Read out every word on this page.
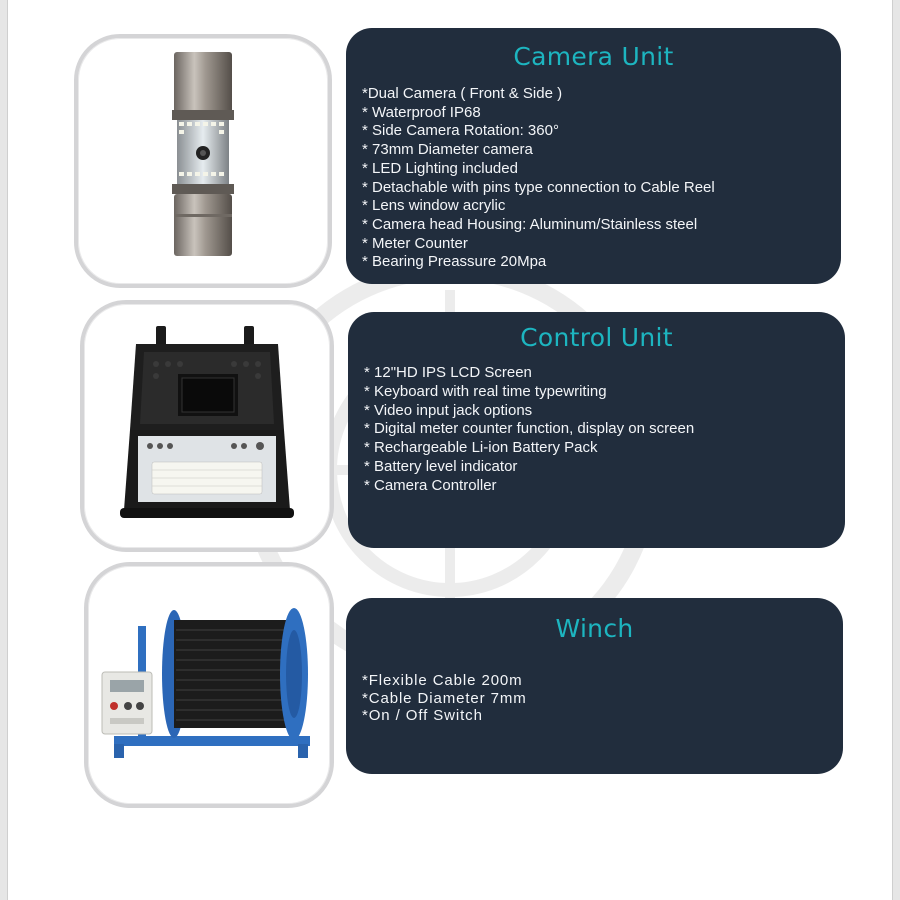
Camera Unit
*Dual Camera ( Front & Side )
* Waterproof IP68
* Side Camera Rotation: 360°
* 73mm Diameter camera
* LED Lighting included
* Detachable with pins type connection to Cable Reel
* Lens window acrylic
* Camera head Housing: Aluminum/Stainless steel
* Meter Counter
* Bearing Preassure 20Mpa
Control Unit
* 12"HD IPS LCD Screen
* Keyboard with real time typewriting
* Video input jack options
* Digital meter counter function, display on screen
* Rechargeable Li-ion Battery Pack
* Battery level indicator
* Camera Controller
Winch
*Flexible Cable 200m
*Cable Diameter 7mm
*On / Off Switch
